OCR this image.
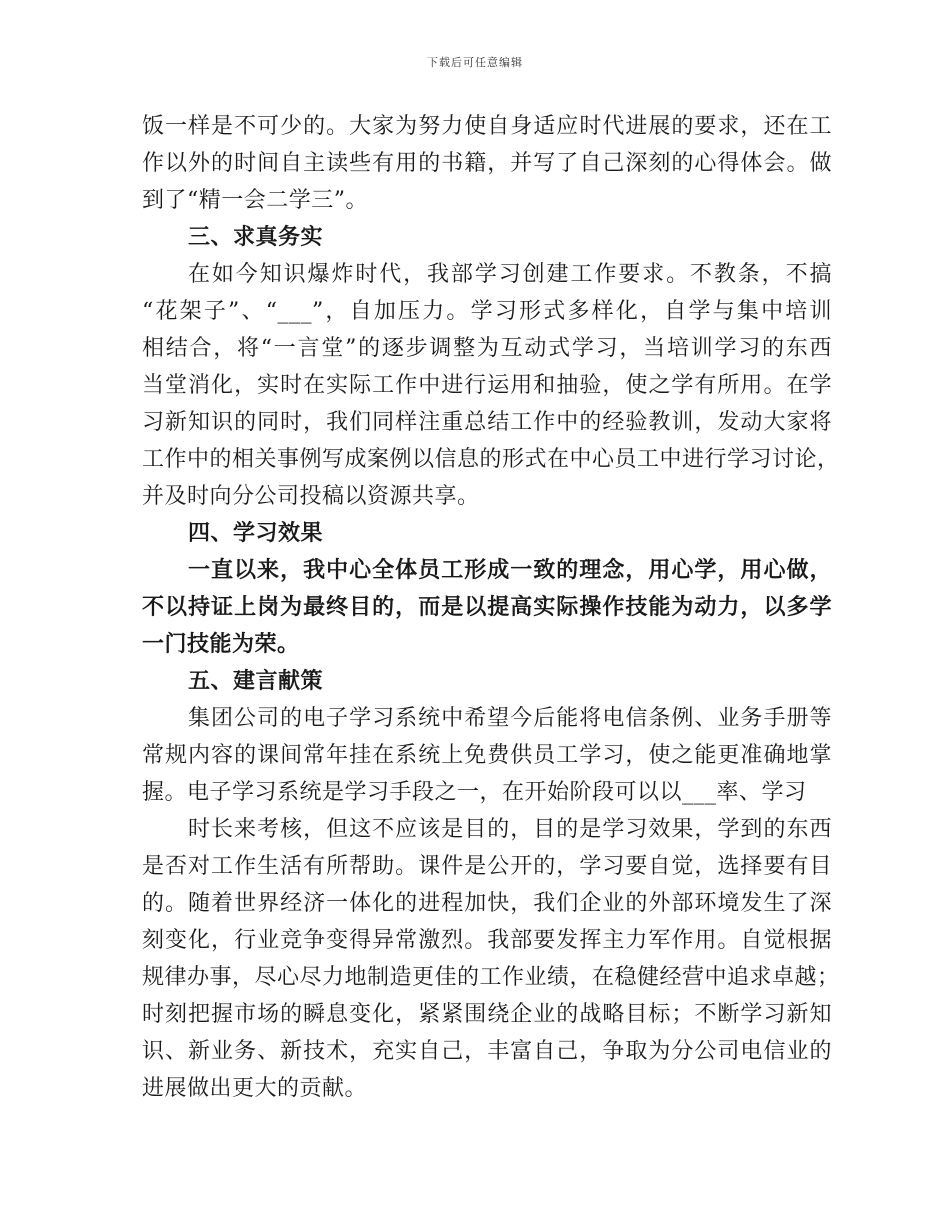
下载后可任意编辑
饭一样是不可少的。大家为努力使自身适应时代进展的要求，还在工
作以外的时间自主读些有用的书籍，并写了自己深刻的心得体会。做
到了“精一会二学三”。
三、求真务实
在如今知识爆炸时代，我部学习创建工作要求。不教条，不搞
“花架子”、“___”，自加压力。学习形式多样化，自学与集中培训
相结合，将“一言堂”的逐步调整为互动式学习，当培训学习的东西
当堂消化，实时在实际工作中进行运用和抽验，使之学有所用。在学
习新知识的同时，我们同样注重总结工作中的经验教训，发动大家将
工作中的相关事例写成案例以信息的形式在中心员工中进行学习讨论，
并及时向分公司投稿以资源共享。
四、学习效果
一直以来，我中心全体员工形成一致的理念，用心学，用心做，
不以持证上岗为最终目的，而是以提高实际操作技能为动力，以多学
一门技能为荣。
五、建言献策
集团公司的电子学习系统中希望今后能将电信条例、业务手册等
常规内容的课间常年挂在系统上免费供员工学习，使之能更准确地掌
握。电子学习系统是学习手段之一，在开始阶段可以以___率、学习
时长来考核，但这不应该是目的，目的是学习效果，学到的东西
是否对工作生活有所帮助。课件是公开的，学习要自觉，选择要有目
的。随着世界经济一体化的进程加快，我们企业的外部环境发生了深
刻变化，行业竞争变得异常激烈。我部要发挥主力军作用。自觉根据
规律办事，尽心尽力地制造更佳的工作业绩，在稳健经营中追求卓越；
时刻把握市场的瞬息变化，紧紧围绕企业的战略目标；不断学习新知
识、新业务、新技术，充实自己，丰富自己，争取为分公司电信业的
进展做出更大的贡献。
